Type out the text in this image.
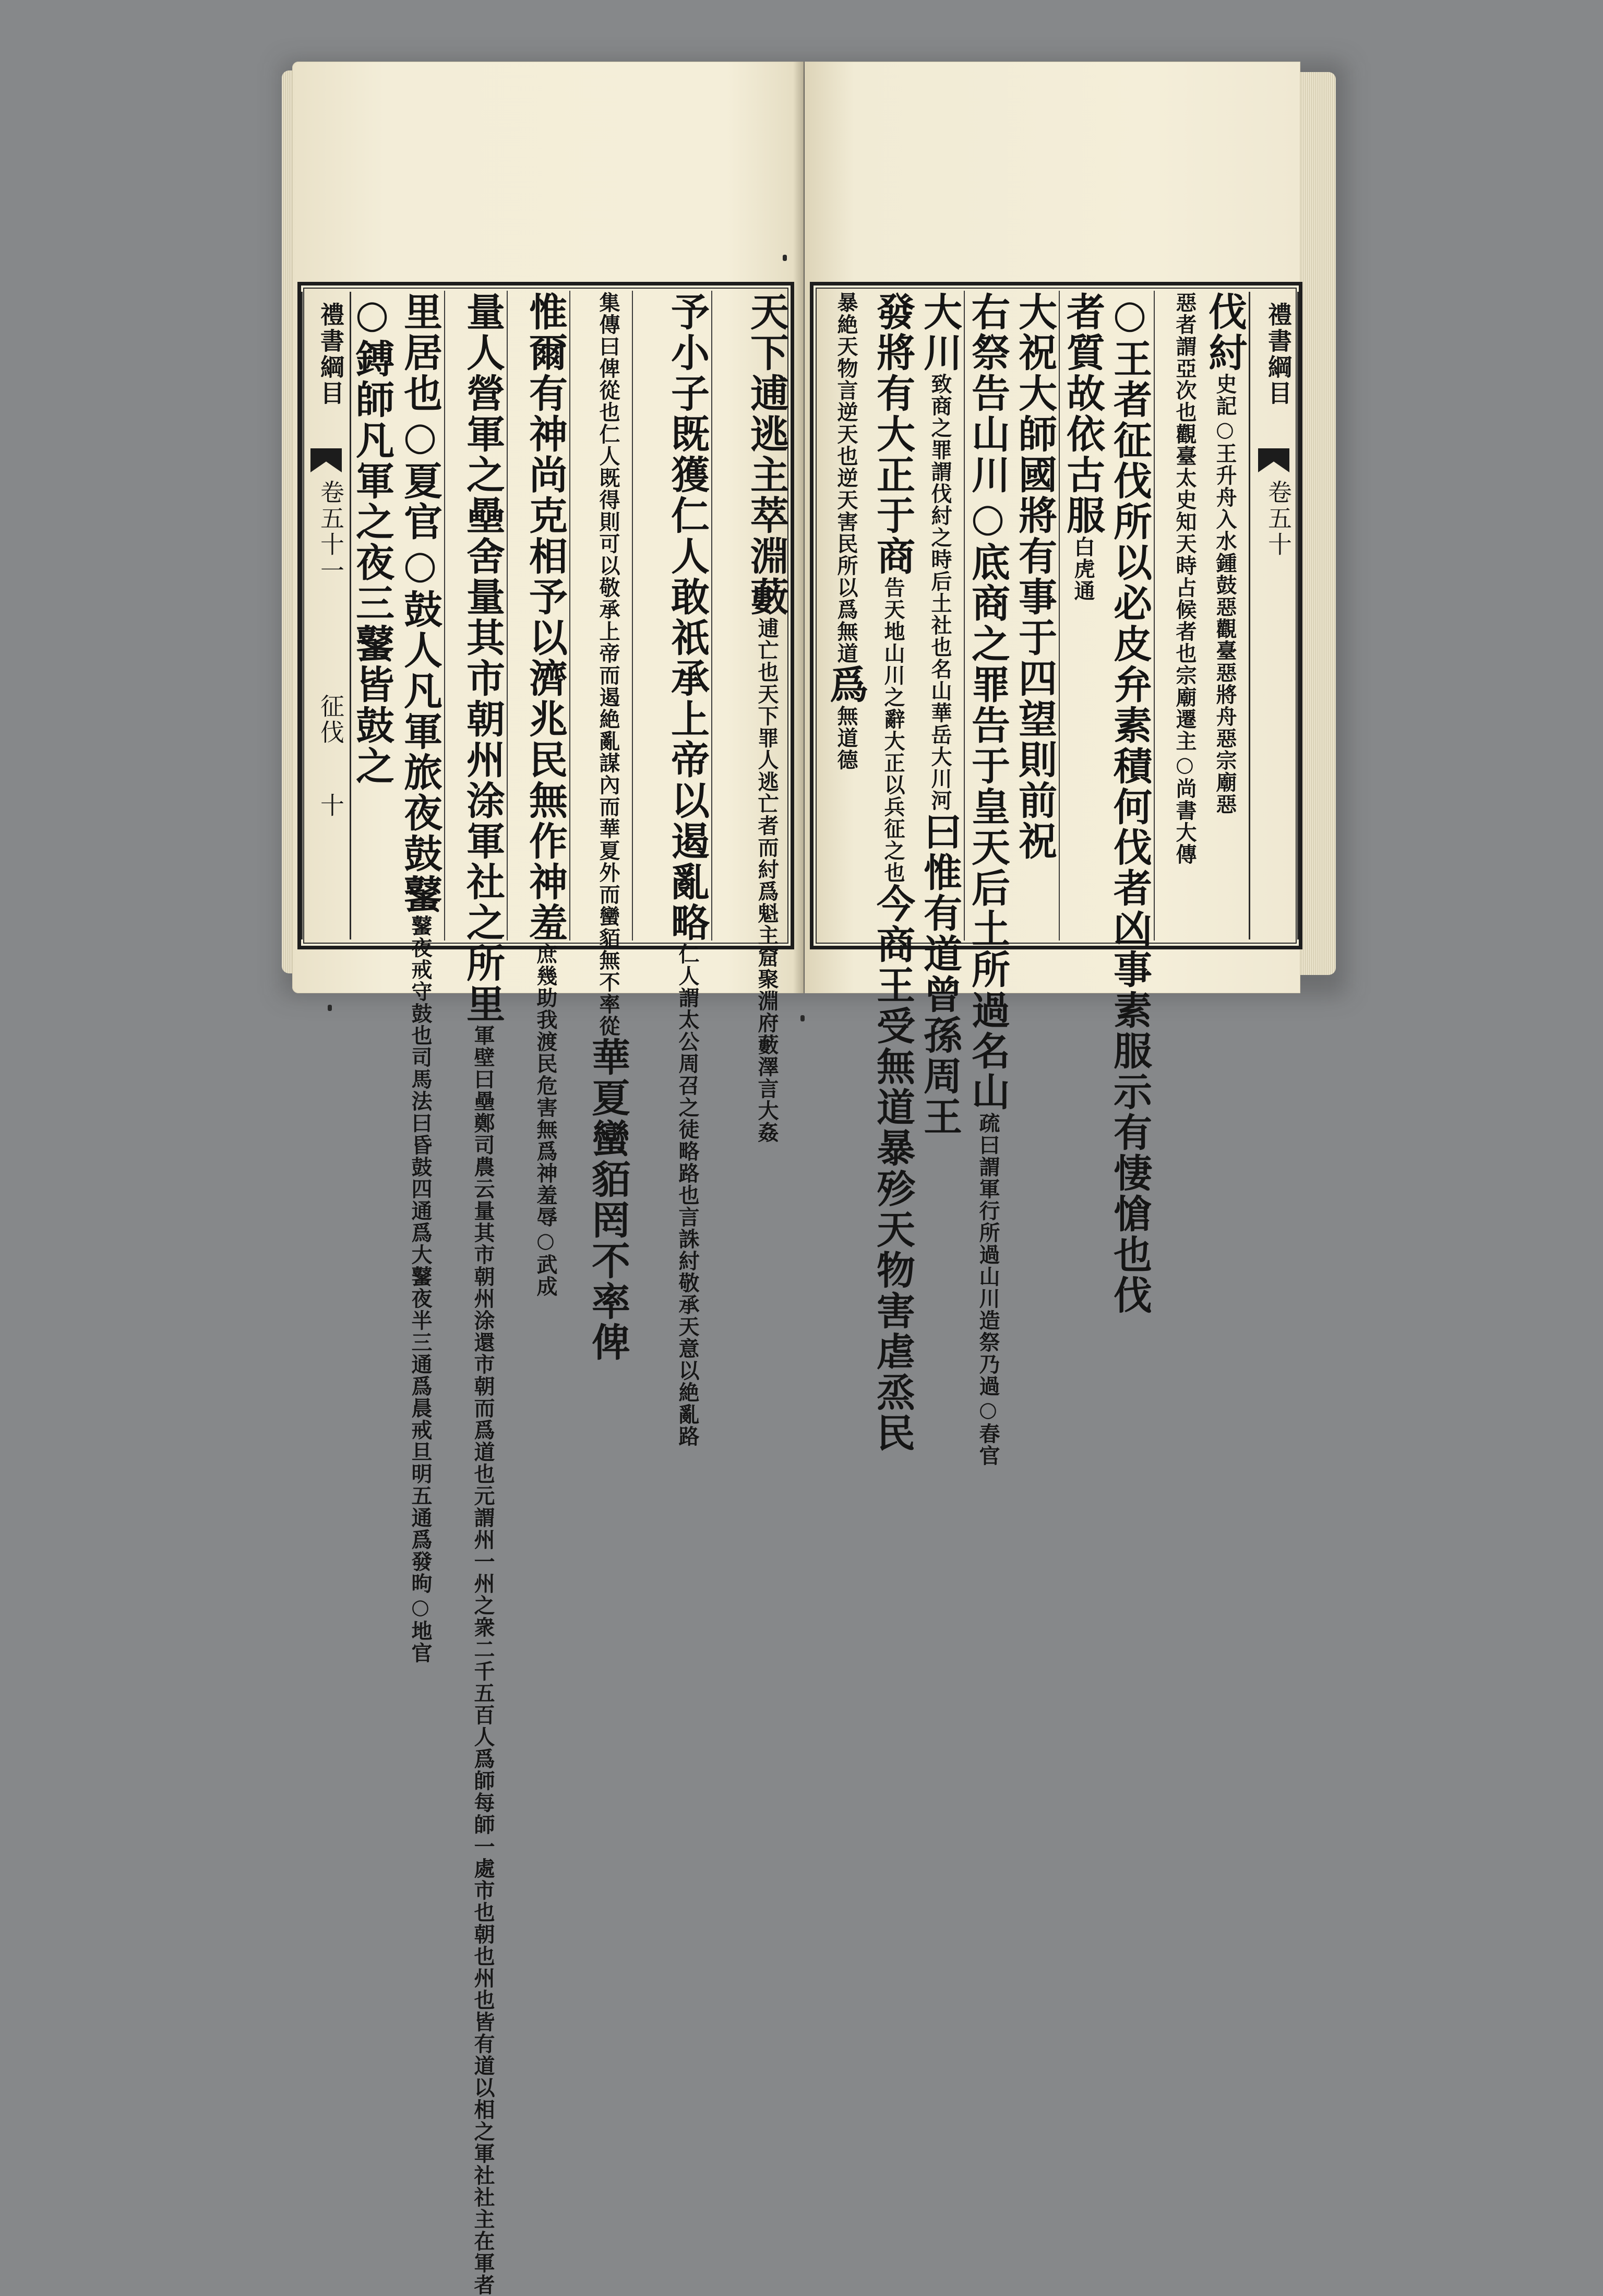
天下逋逃主萃淵藪逋亡也天下罪人逃亡者而紂爲魁主窟聚淵府藪澤言大姦
予小子既獲仁人敢祇承上帝以遏亂略仁人謂太公周召之徒略路也言誅紂敬承天意以絶亂路
集傳曰俾從也仁人既得則可以敬承上帝而遏絶亂謀內而華夏外而蠻貊無不率從華夏蠻貊罔不率俾
惟爾有神尚克相予以濟兆民無作神羞庶幾助我渡民危害無爲神羞辱○武成
量人營軍之壘舍量其市朝州涂軍社之所里軍壁曰壘鄭司農云量其市朝州涂還市朝而爲道也元謂州一州之衆二千五百人爲師每師一處市也朝也州也皆有道以相之軍社社主在軍者
里居也○夏官○鼓人凡軍旅夜鼓鼜鼜夜戒守鼓也司馬法曰昏鼓四通爲大鼜夜半三通爲晨戒旦明五通爲發昫○地官
○鎛師凡軍之夜三鼜皆鼓之
禮書綱目
卷五十一
征伐
十
禮書綱目
卷五十
伐紂史記○王升舟入水鍾鼓惡觀臺惡將舟惡宗廟惡
惡者謂亞次也觀臺太史知天時占候者也宗廟遷主○尚書大傳
○王者征伐所以必皮弁素積何伐者凶事素服示有悽愴也伐
者質故依古服白虎通
大祝大師國將有事于四望則前祝
右祭告山川○底商之罪告于皇天后土所過名山疏曰謂軍行所過山川造祭乃過○春官
大川致商之罪謂伐紂之時后土社也名山華岳大川河曰惟有道曾孫周王
發將有大正于商告天地山川之辭大正以兵征之也今商王受無道暴殄天物害虐烝民
暴絶天物言逆天也逆天害民所以爲無道爲無道德
